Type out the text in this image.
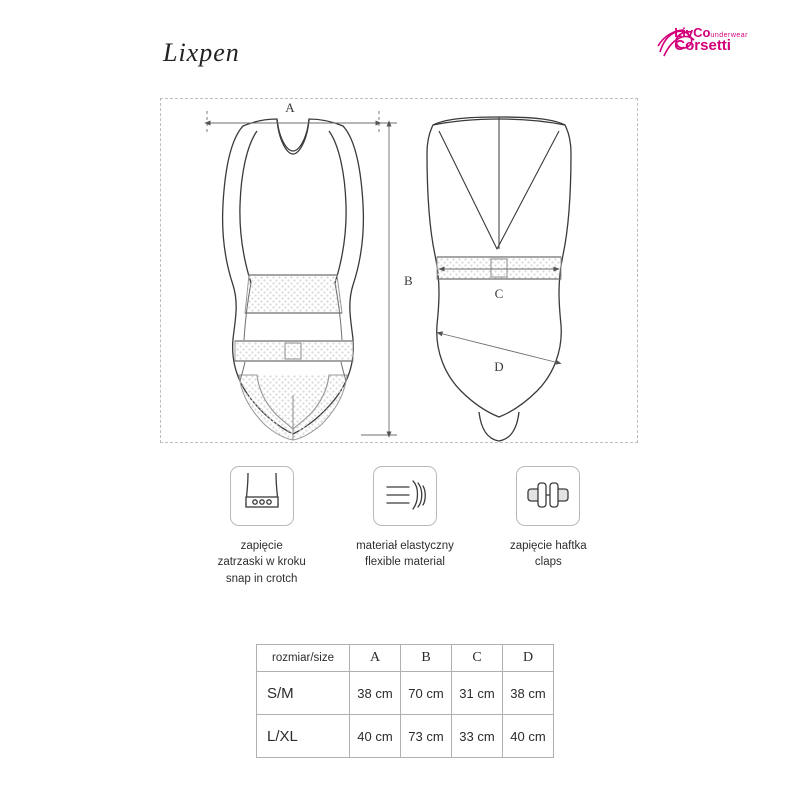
Lixpen
LivCounderwear
Corsetti
A
B
C
D
zapięcie
zatrzaski w kroku
snap in crotch
materiał elastyczny
flexible material
zapięcie haftka
claps
rozmiar/size	A	B	C	D
S/M	38 cm	70 cm	31 cm	38 cm
L/XL	40 cm	73 cm	33 cm	40 cm
